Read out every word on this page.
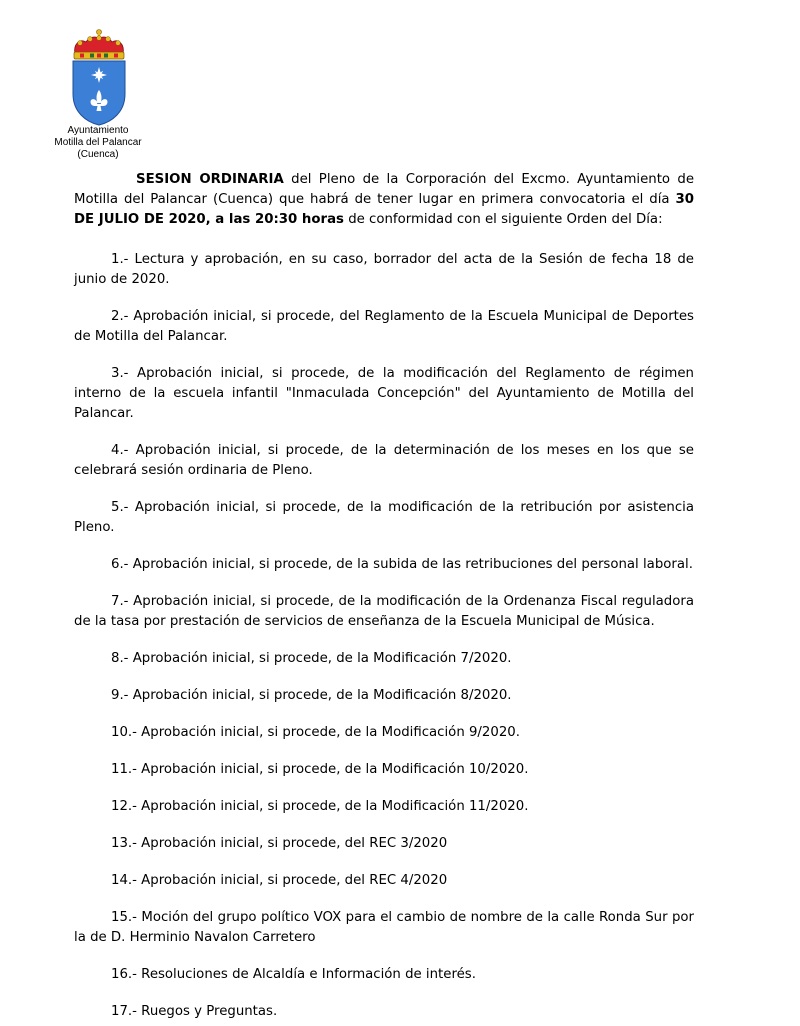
Ayuntamiento
Motilla del Palancar
(Cuenca)

SESION ORDINARIA del Pleno de la Corporación del Excmo. Ayuntamiento de Motilla del Palancar (Cuenca) que habrá de tener lugar en primera convocatoria el día 30 DE JULIO DE 2020, a las 20:30 horas de conformidad con el siguiente Orden del Día:

1.- Lectura y aprobación, en su caso, borrador del acta de la Sesión de fecha 18 de junio de 2020.
2.- Aprobación inicial, si procede, del Reglamento de la Escuela Municipal de Deportes de Motilla del Palancar.
3.- Aprobación inicial, si procede, de la modificación del Reglamento de régimen interno de la escuela infantil "Inmaculada Concepción" del Ayuntamiento de Motilla del Palancar.
4.- Aprobación inicial, si procede, de la determinación de los meses en los que se celebrará sesión ordinaria de Pleno.
5.- Aprobación inicial, si procede, de la modificación de la retribución por asistencia Pleno.
6.- Aprobación inicial, si procede, de la subida de las retribuciones del personal laboral.
7.- Aprobación inicial, si procede, de la modificación de la Ordenanza Fiscal reguladora de la tasa por prestación de servicios de enseñanza de la Escuela Municipal de Música.
8.- Aprobación inicial, si procede, de la Modificación 7/2020.
9.- Aprobación inicial, si procede, de la Modificación 8/2020.
10.- Aprobación inicial, si procede, de la Modificación 9/2020.
11.- Aprobación inicial, si procede, de la Modificación 10/2020.
12.- Aprobación inicial, si procede, de la Modificación 11/2020.
13.- Aprobación inicial, si procede, del REC 3/2020
14.- Aprobación inicial, si procede, del REC 4/2020
15.- Moción del grupo político VOX para el cambio de nombre de la calle Ronda Sur por la de D. Herminio Navalon Carretero
16.- Resoluciones de Alcaldía e Información de interés.
17.- Ruegos y Preguntas.
